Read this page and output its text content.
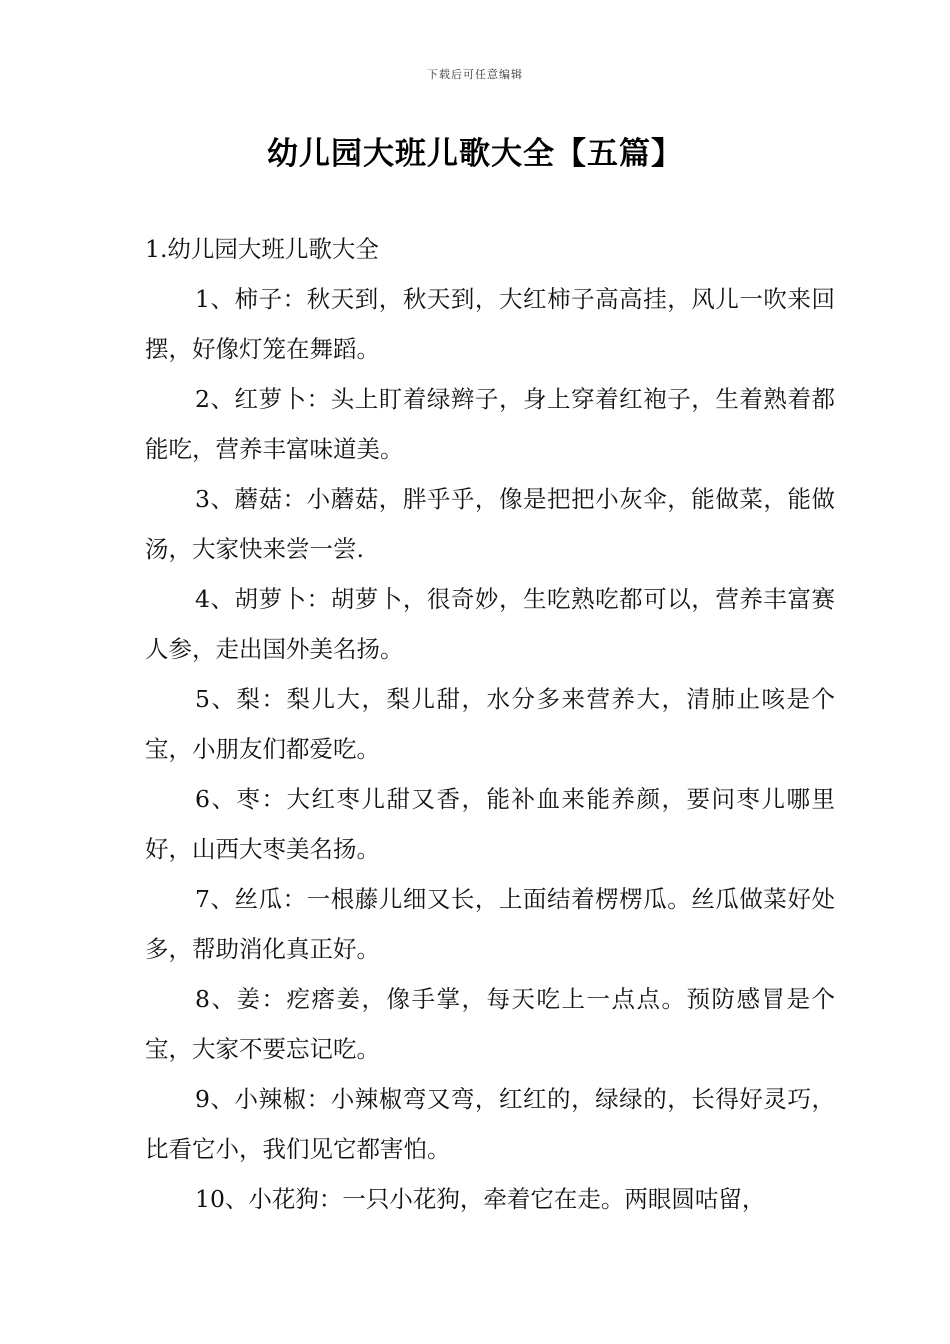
下载后可任意编辑
幼儿园大班儿歌大全【五篇】

1.幼儿园大班儿歌大全

1、柿子：秋天到，秋天到，大红柿子高高挂，风儿一吹来回摆，好像灯笼在舞蹈。

2、红萝卜：头上盯着绿辫子，身上穿着红袍子，生着熟着都能吃，营养丰富味道美。

3、蘑菇：小蘑菇，胖乎乎，像是把把小灰伞，能做菜，能做汤，大家快来尝一尝.

4、胡萝卜：胡萝卜，很奇妙，生吃熟吃都可以，营养丰富赛人参，走出国外美名扬。

5、梨：梨儿大，梨儿甜，水分多来营养大，清肺止咳是个宝，小朋友们都爱吃。

6、枣：大红枣儿甜又香，能补血来能养颜，要问枣儿哪里好，山西大枣美名扬。

7、丝瓜：一根藤儿细又长，上面结着楞楞瓜。丝瓜做菜好处多，帮助消化真正好。

8、姜：疙瘩姜，像手掌，每天吃上一点点。预防感冒是个宝，大家不要忘记吃。

9、小辣椒：小辣椒弯又弯，红红的，绿绿的，长得好灵巧，比看它小，我们见它都害怕。

10、小花狗：一只小花狗，牵着它在走。两眼圆咕留，
